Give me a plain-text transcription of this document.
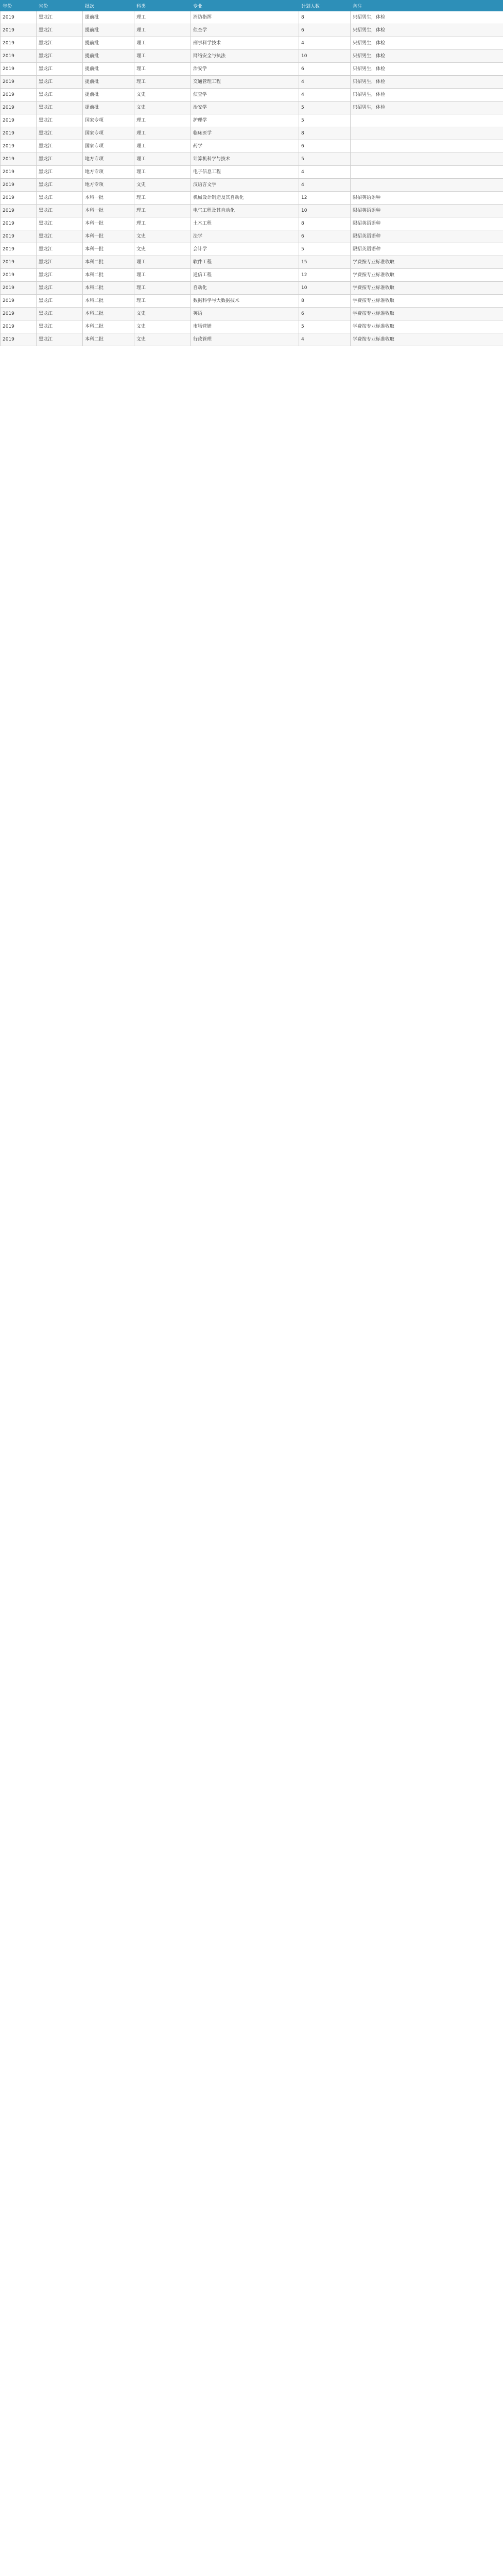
年份	省份	批次	科类	专业	计划人数	备注
2019	黑龙江	提前批	理工	消防指挥	8	只招男生，体检
2019	黑龙江	提前批	理工	侦查学	6	只招男生，体检
2019	黑龙江	提前批	理工	刑事科学技术	4	只招男生，体检
2019	黑龙江	提前批	理工	网络安全与执法	10	只招男生，体检
2019	黑龙江	提前批	理工	治安学	6	只招男生，体检
2019	黑龙江	提前批	理工	交通管理工程	4	只招男生，体检
2019	黑龙江	提前批	文史	侦查学	4	只招男生，体检
2019	黑龙江	提前批	文史	治安学	5	只招男生，体检
2019	黑龙江	国家专项	理工	护理学	5	
2019	黑龙江	国家专项	理工	临床医学	8	
2019	黑龙江	国家专项	理工	药学	6	
2019	黑龙江	地方专项	理工	计算机科学与技术	5	
2019	黑龙江	地方专项	理工	电子信息工程	4	
2019	黑龙江	地方专项	文史	汉语言文学	4	
2019	黑龙江	本科一批	理工	机械设计制造及其自动化	12	限招英语语种
2019	黑龙江	本科一批	理工	电气工程及其自动化	10	限招英语语种
2019	黑龙江	本科一批	理工	土木工程	8	限招英语语种
2019	黑龙江	本科一批	文史	法学	6	限招英语语种
2019	黑龙江	本科一批	文史	会计学	5	限招英语语种
2019	黑龙江	本科二批	理工	软件工程	15	学费按专业标准收取
2019	黑龙江	本科二批	理工	通信工程	12	学费按专业标准收取
2019	黑龙江	本科二批	理工	自动化	10	学费按专业标准收取
2019	黑龙江	本科二批	理工	数据科学与大数据技术	8	学费按专业标准收取
2019	黑龙江	本科二批	文史	英语	6	学费按专业标准收取
2019	黑龙江	本科二批	文史	市场营销	5	学费按专业标准收取
2019	黑龙江	本科二批	文史	行政管理	4	学费按专业标准收取
